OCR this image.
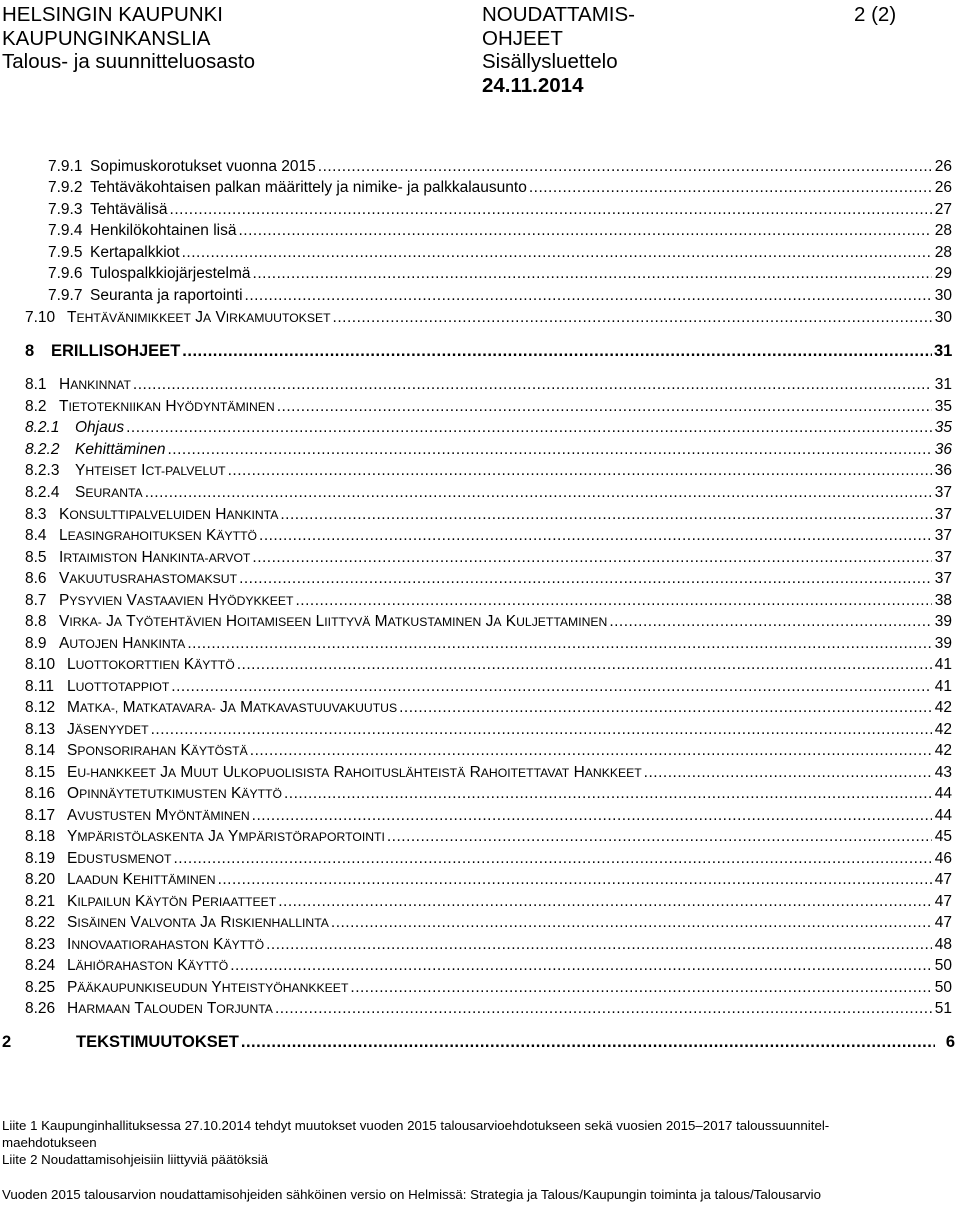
HELSINGIN KAUPUNKI
KAUPUNGINKANSLIA
Talous- ja suunnitteluosasto
NOUDATTAMIS-
OHJEET
Sisällysluettelo
24.11.2014
2 (2)
7.9.1 Sopimuskorotukset vuonna 2015 .....	26
7.9.2 Tehtäväkohtaisen palkan määrittely ja nimike- ja palkkalausunto .....	26
7.9.3 Tehtävälisä .....	27
7.9.4 Henkilökohtainen lisä .....	28
7.9.5 Kertapalkkiot .....	28
7.9.6 Tulospalkkiojärjestelmä .....	29
7.9.7 Seuranta ja raportointi .....	30
7.10 TEHTÄVÄNIMIKKEET JA VIRKAMUUTOKSET .....	30
8	ERILLISOHJEET .....	31
8.1 HANKINNAT .....	31
8.2 TIETOTEKNIIKAN HYÖDYNTÄMINEN .....	35
8.2.1	Ohjaus .....	35
8.2.2	Kehittäminen .....	36
8.2.3	YHTEISET ICT-PALVELUT .....	36
8.2.4	SEURANTA .....	37
8.3 KONSULTTIPALVELUIDEN HANKINTA .....	37
8.4 LEASINGRAHOITUKSEN KÄYTTÖ .....	37
8.5 IRTAIMISTON HANKINTA-ARVOT .....	37
8.6 VAKUUTUSRAHASTOMAKSUT .....	37
8.7 PYSYVIEN VASTAAVIEN HYÖDYKKEET .....	38
8.8 VIRKA- JA TYÖTEHTÄVIEN HOITAMISEEN LIITTYVÄ MATKUSTAMINEN JA KULJETTAMINEN .....	39
8.9 AUTOJEN HANKINTA .....	39
8.10 LUOTTOKORTTIEN KÄYTTÖ .....	41
8.11 LUOTTOTAPPIOT .....	41
8.12 MATKA-, MATKATAVARA- JA MATKAVASTUUVAKUUTUS .....	42
8.13 JÄSENYYDET .....	42
8.14 SPONSORIRAHAN KÄYTÖSTÄ .....	42
8.15 EU-HANKKEET JA MUUT ULKOPUOLISISTA RAHOITUSLÄHTEISTÄ RAHOITETTAVAT HANKKEET .....	43
8.16 OPINNÄYTETUTKIMUSTEN KÄYTTÖ .....	44
8.17 AVUSTUSTEN MYÖNTÄMINEN .....	44
8.18 YMPÄRISTÖLASKENTA JA YMPÄRISTÖRAPORTOINTI .....	45
8.19 EDUSTUSMENOT .....	46
8.20 LAADUN KEHITTÄMINEN .....	47
8.21 KILPAILUN KÄYTÖN PERIAATTEET .....	47
8.22 SISÄINEN VALVONTA JA RISKIENHALLINTA .....	47
8.23 INNOVAATIORAHASTON KÄYTTÖ .....	48
8.24 LÄHIÖRAHASTON KÄYTTÖ .....	50
8.25 PÄÄKAUPUNKISEUDUN YHTEISTYÖHANKKEET .....	50
8.26 HARMAAN TALOUDEN TORJUNTA .....	51
2	TEKSTIMUUTOKSET .....	6
Liite 1 Kaupunginhallituksessa 27.10.2014 tehdyt muutokset vuoden 2015 talousarvioehdotukseen sekä vuosien 2015–2017 taloussuunnitel-
maehdotukseen
Liite 2 Noudattamisohjeisiin liittyviä päätöksiä
Vuoden 2015 talousarvion noudattamisohjeiden sähköinen versio on Helmissä: Strategia ja Talous/Kaupungin toiminta ja talous/Talousarvio
